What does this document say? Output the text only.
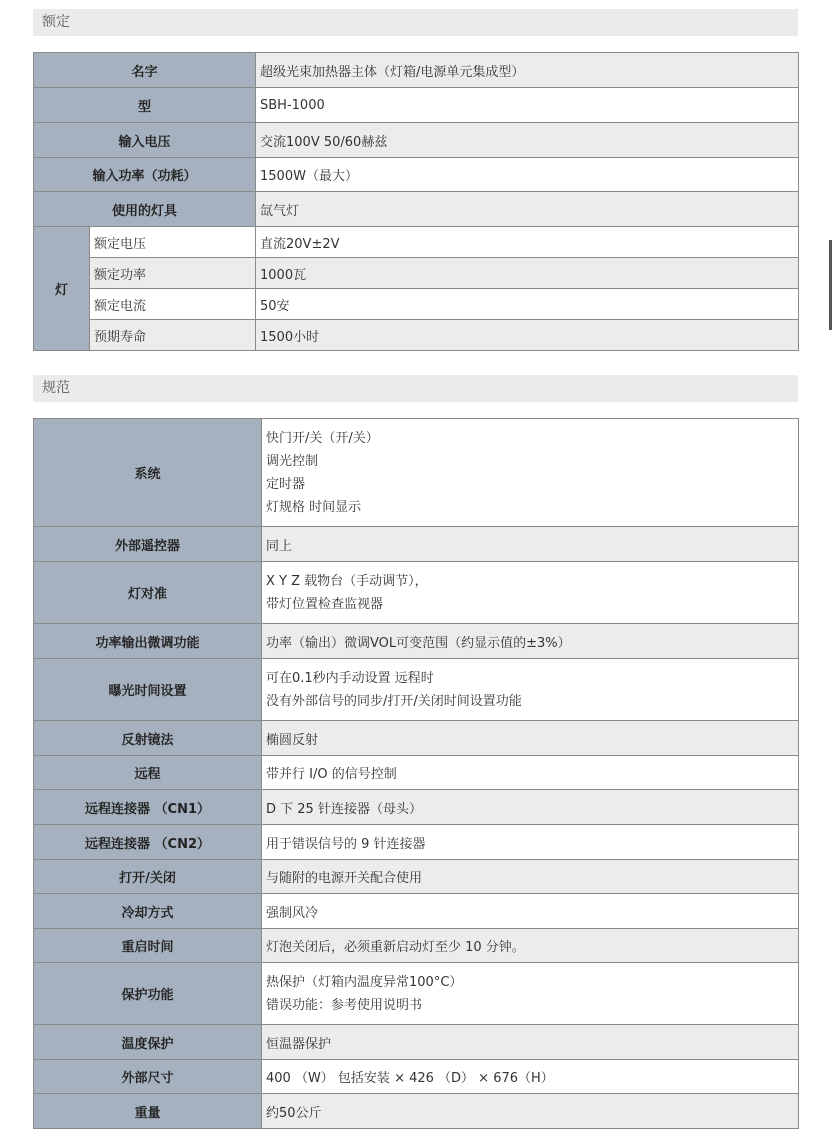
额定
名字		超级光束加热器主体（灯箱/电源单元集成型）
型		SBH-1000
输入电压		交流100V 50/60赫兹
输入功率（功耗）		1500W（最大）
使用的灯具		氙气灯
灯	额定电压	直流20V±2V
	额定功率	1000瓦
	额定电流	50安
	预期寿命	1500小时
规范
系统	快门开/关（开/关）
调光控制
定时器
灯规格 时间显示

外部遥控器	同上
灯对准	X Y Z 载物台（手动调节），
带灯位置检查监视器

功率输出微调功能	功率（输出）微调VOL可变范围（约显示值的±3%）
曝光时间设置	可在0.1秒内手动设置 远程时
没有外部信号的同步/打开/关闭时间设置功能

反射镜法	椭圆反射
远程	带并行 I/O 的信号控制
远程连接器 （CN1）	D 下 25 针连接器（母头）
远程连接器 （CN2）	用于错误信号的 9 针连接器
打开/关闭	与随附的电源开关配合使用
冷却方式	强制风冷
重启时间	灯泡关闭后，必须重新启动灯至少 10 分钟。
保护功能	热保护（灯箱内温度异常100°C）
错误功能：参考使用说明书

温度保护	恒温器保护
外部尺寸	400 （W） 包括安装 × 426 （D） × 676（H）
重量	约50公斤
